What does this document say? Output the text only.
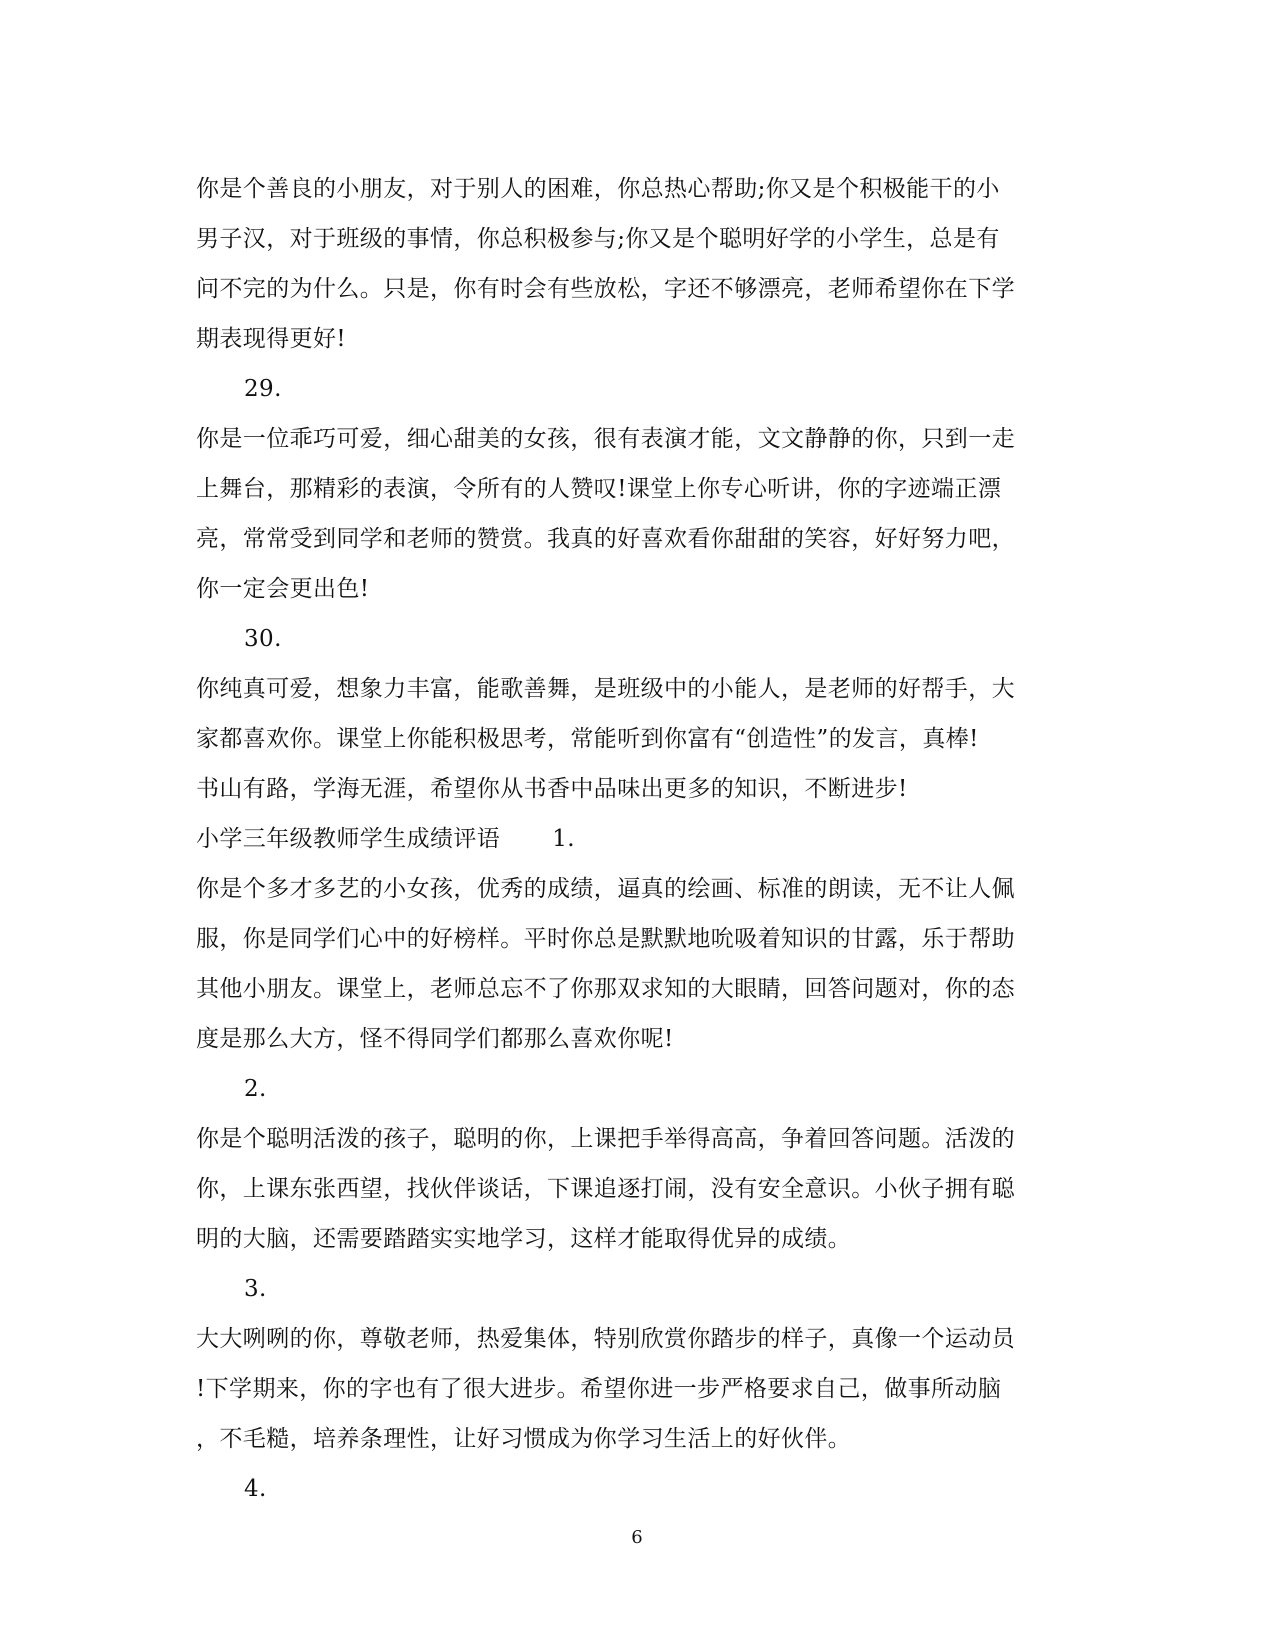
你是个善良的小朋友，对于别人的困难，你总热心帮助;你又是个积极能干的小
男子汉，对于班级的事情，你总积极参与;你又是个聪明好学的小学生，总是有
问不完的为什么。只是，你有时会有些放松，字还不够漂亮，老师希望你在下学
期表现得更好!
29.
你是一位乖巧可爱，细心甜美的女孩，很有表演才能，文文静静的你，只到一走
上舞台，那精彩的表演，令所有的人赞叹!课堂上你专心听讲，你的字迹端正漂
亮，常常受到同学和老师的赞赏。我真的好喜欢看你甜甜的笑容，好好努力吧，
你一定会更出色!
30.
你纯真可爱，想象力丰富，能歌善舞，是班级中的小能人，是老师的好帮手，大
家都喜欢你。课堂上你能积极思考，常能听到你富有“创造性”的发言，真棒!
书山有路，学海无涯，希望你从书香中品味出更多的知识，不断进步!
小学三年级教师学生成绩评语 1.
你是个多才多艺的小女孩，优秀的成绩，逼真的绘画、标准的朗读，无不让人佩
服，你是同学们心中的好榜样。平时你总是默默地吮吸着知识的甘露，乐于帮助
其他小朋友。课堂上，老师总忘不了你那双求知的大眼睛，回答问题对，你的态
度是那么大方，怪不得同学们都那么喜欢你呢!
2.
你是个聪明活泼的孩子，聪明的你，上课把手举得高高，争着回答问题。活泼的
你，上课东张西望，找伙伴谈话，下课追逐打闹，没有安全意识。小伙子拥有聪
明的大脑，还需要踏踏实实地学习，这样才能取得优异的成绩。
3.
大大咧咧的你，尊敬老师，热爱集体，特别欣赏你踏步的样子，真像一个运动员
!下学期来，你的字也有了很大进步。希望你进一步严格要求自己，做事所动脑
，不毛糙，培养条理性，让好习惯成为你学习生活上的好伙伴。
4.
6
